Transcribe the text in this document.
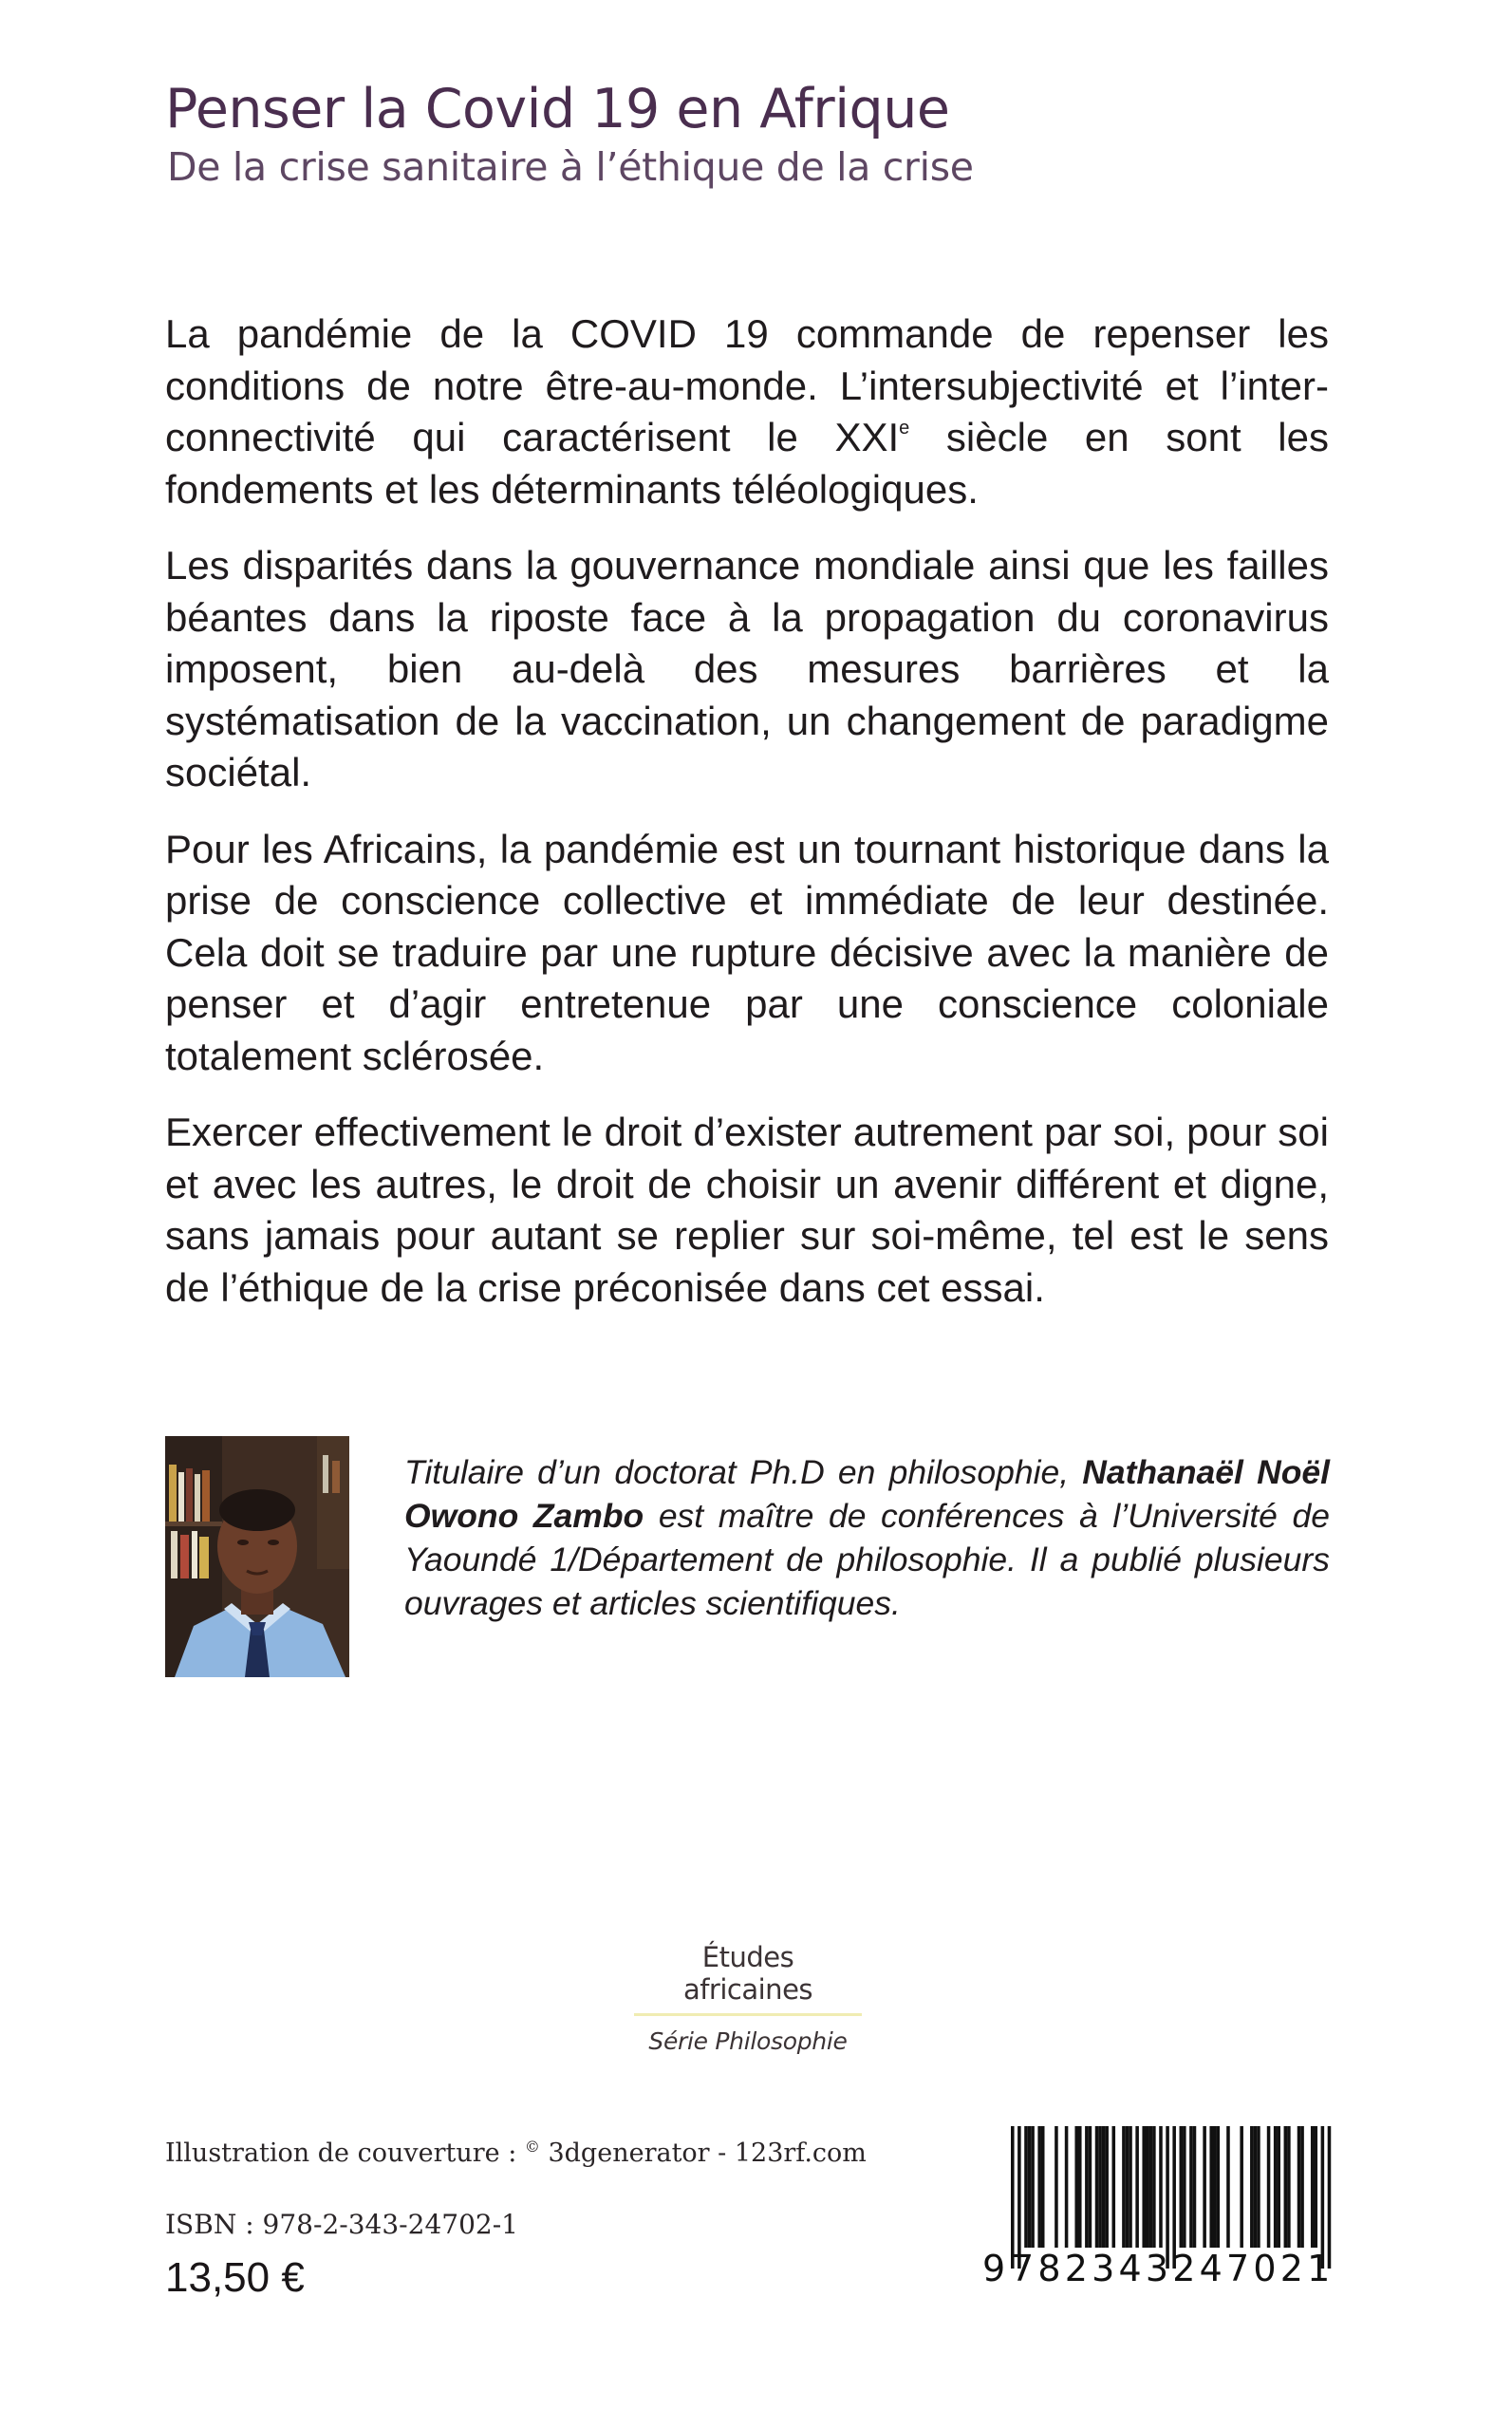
Penser la Covid 19 en Afrique
De la crise sanitaire à l’éthique de la crise

La pandémie de la COVID 19 commande de repenser les conditions de notre être-au-monde. L’intersubjectivité et l’inter-connectivité qui caractérisent le XXIe siècle en sont les fondements et les déterminants téléologiques.

Les disparités dans la gouvernance mondiale ainsi que les failles béantes dans la riposte face à la propagation du coronavirus imposent, bien au-delà des mesures barrières et la systématisation de la vaccination, un changement de paradigme sociétal.

Pour les Africains, la pandémie est un tournant historique dans la prise de conscience collective et immédiate de leur destinée. Cela doit se traduire par une rupture décisive avec la manière de penser et d’agir entretenue par une conscience coloniale totalement sclérosée.

Exercer effectivement le droit d’exister autrement par soi, pour soi et avec les autres, le droit de choisir un avenir différent et digne, sans jamais pour autant se replier sur soi-même, tel est le sens de l’éthique de la crise préconisée dans cet essai.

Titulaire d’un doctorat Ph.D en philosophie, Nathanaël Noël Owono Zambo est maître de conférences à l’Université de Yaoundé 1/Département de philosophie. Il a publié plusieurs ouvrages et articles scientifiques.
Études africaines
Série Philosophie
Illustration de couverture : © 3dgenerator - 123rf.com
ISBN : 978-2-343-24702-1
13,50 €	9 782343247021
